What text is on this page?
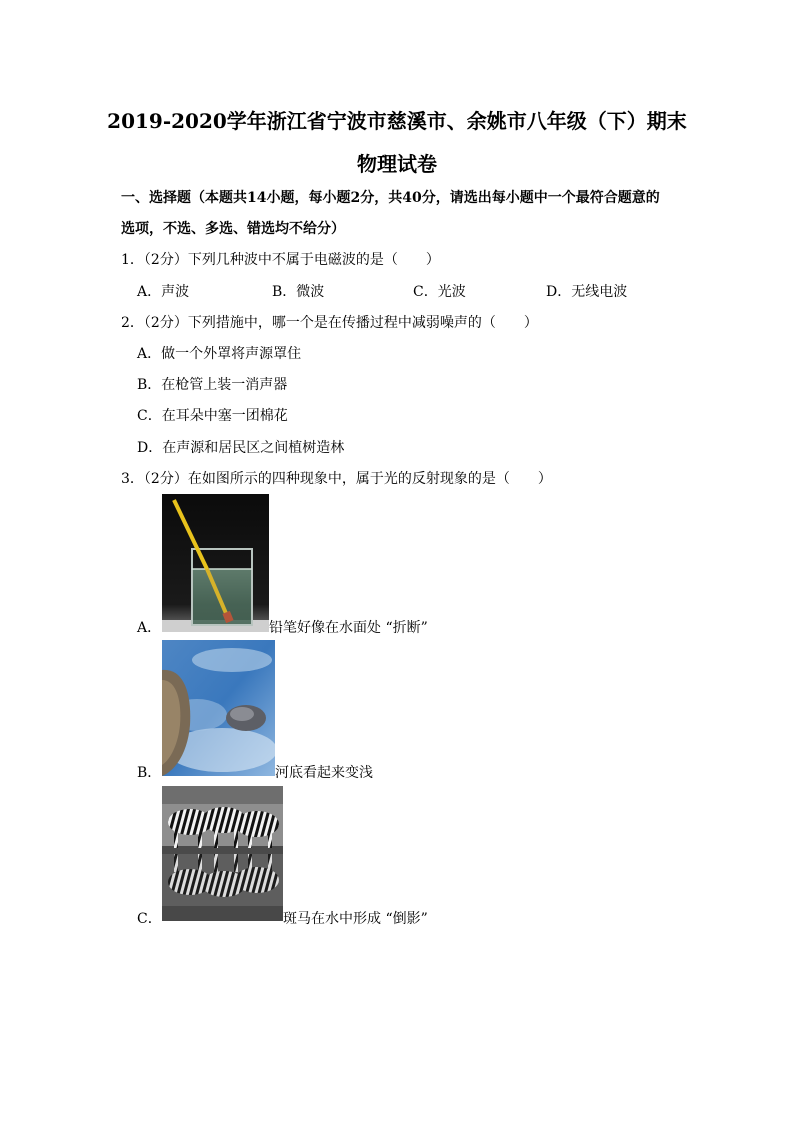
2019-2020学年浙江省宁波市慈溪市、余姚市八年级（下）期末
物理试卷
一、选择题（本题共14小题，每小题2分，共40分，请选出每小题中一个最符合题意的
选项，不选、多选、错选均不给分）
1．（2分）下列几种波中不属于电磁波的是（　　）
A．声波	B．微波	C．光波	D．无线电波
2．（2分）下列措施中，哪一个是在传播过程中减弱噪声的（　　）
A．做一个外罩将声源罩住
B．在枪管上装一消声器
C．在耳朵中塞一团棉花
D．在声源和居民区之间植树造林
3．（2分）在如图所示的四种现象中，属于光的反射现象的是（　　）
A．	铅笔好像在水面处 “折断”
B．	河底看起来变浅
C．	斑马在水中形成 “倒影”
